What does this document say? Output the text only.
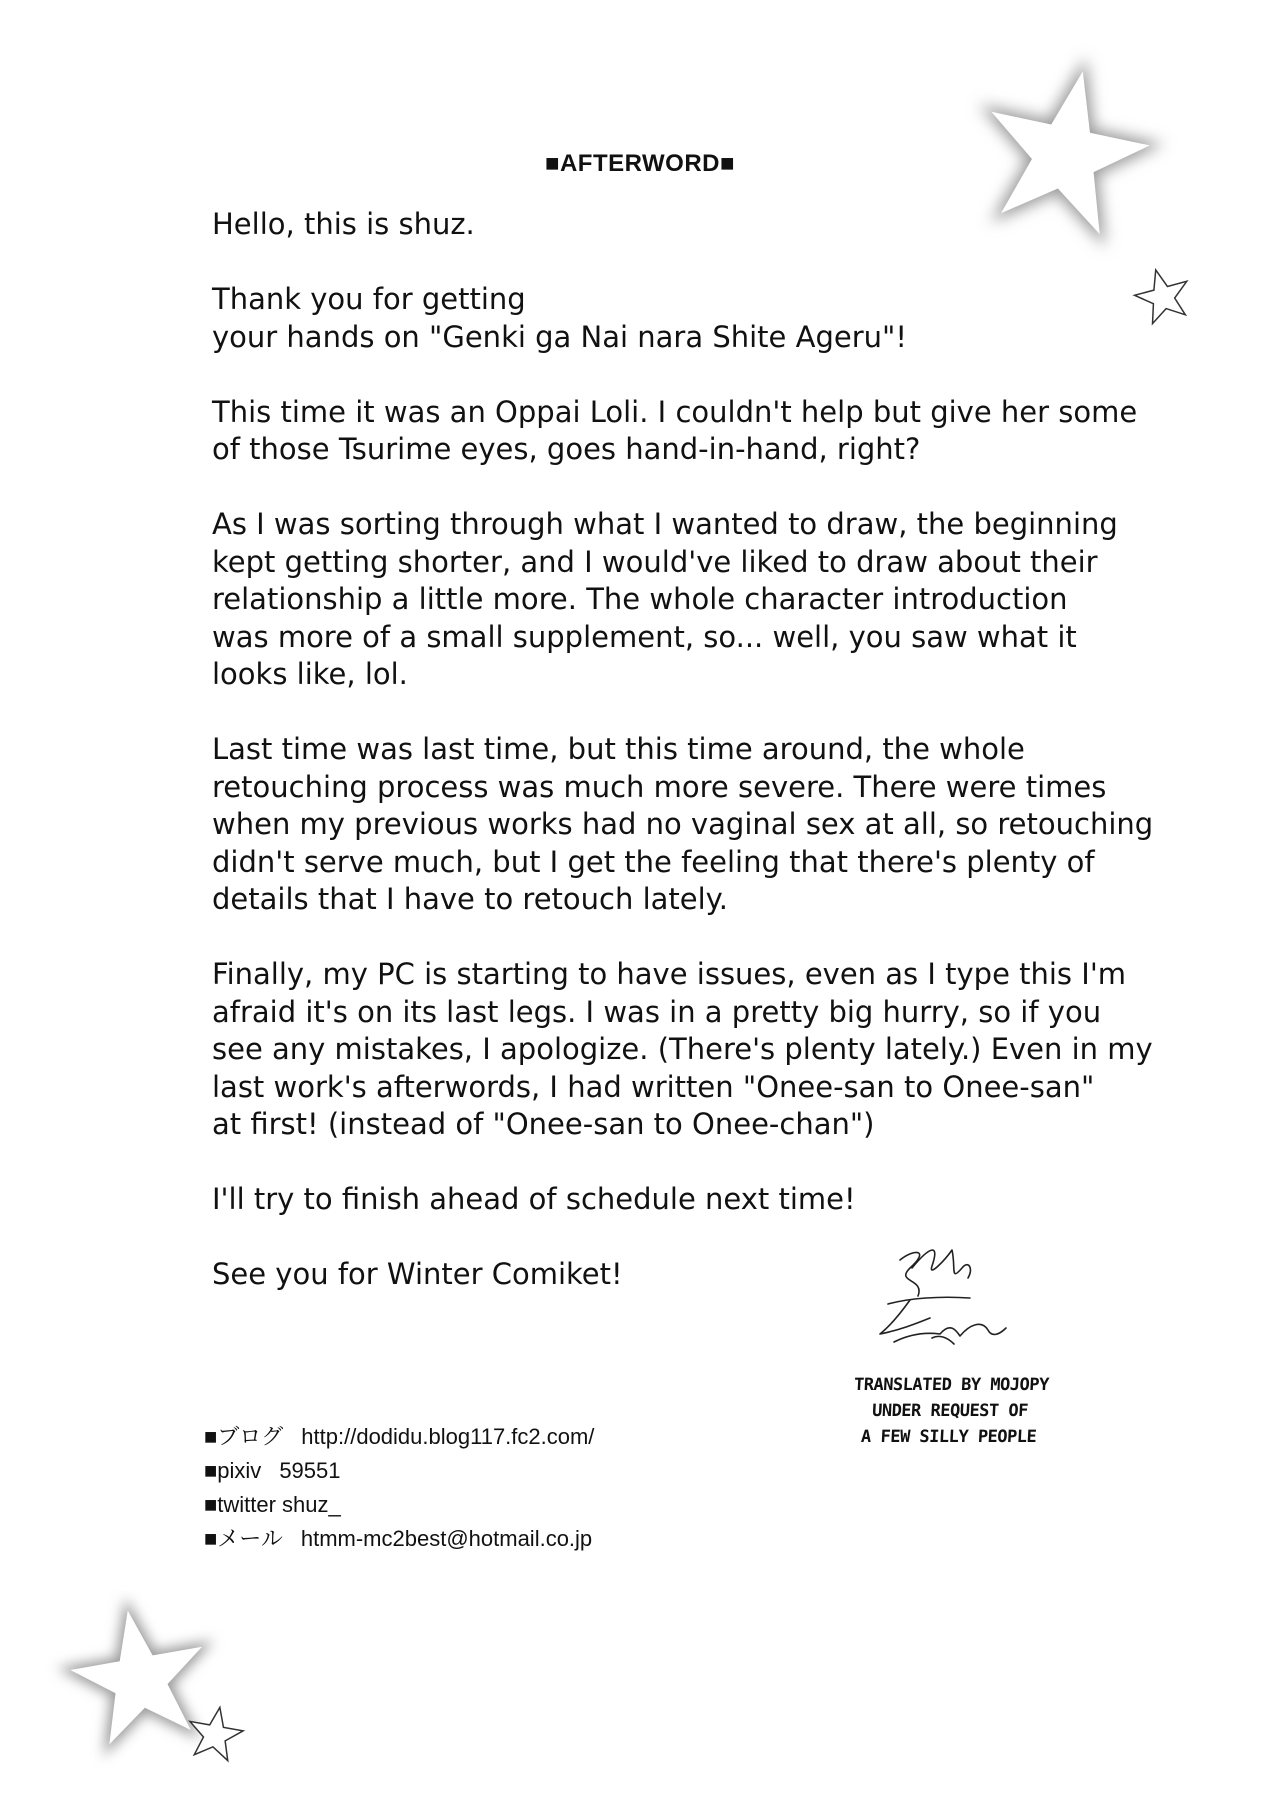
■AFTERWORD■

Hello, this is shuz.

Thank you for getting
your hands on "Genki ga Nai nara Shite Ageru"!

This time it was an Oppai Loli. I couldn't help but give her some
of those Tsurime eyes, goes hand-in-hand, right?

As I was sorting through what I wanted to draw, the beginning
kept getting shorter, and I would've liked to draw about their
relationship a little more. The whole character introduction
was more of a small supplement, so... well, you saw what it
looks like, lol.

Last time was last time, but this time around, the whole
retouching process was much more severe. There were times
when my previous works had no vaginal sex at all, so retouching
didn't serve much, but I get the feeling that there's plenty of
details that I have to retouch lately.

Finally, my PC is starting to have issues, even as I type this I'm
afraid it's on its last legs. I was in a pretty big hurry, so if you
see any mistakes, I apologize. (There's plenty lately.) Even in my
last work's afterwords, I had written "Onee-san to Onee-san"
at first! (instead of "Onee-san to Onee-chan")

I'll try to finish ahead of schedule next time!

See you for Winter Comiket!

TRANSLATED BY MOJOPY
UNDER REQUEST OF
A FEW SILLY PEOPLE
■ブログ http://dodidu.blog117.fc2.com/
■pixiv 59551
■twitter shuz_
■メール htmm-mc2best@hotmail.co.jp
